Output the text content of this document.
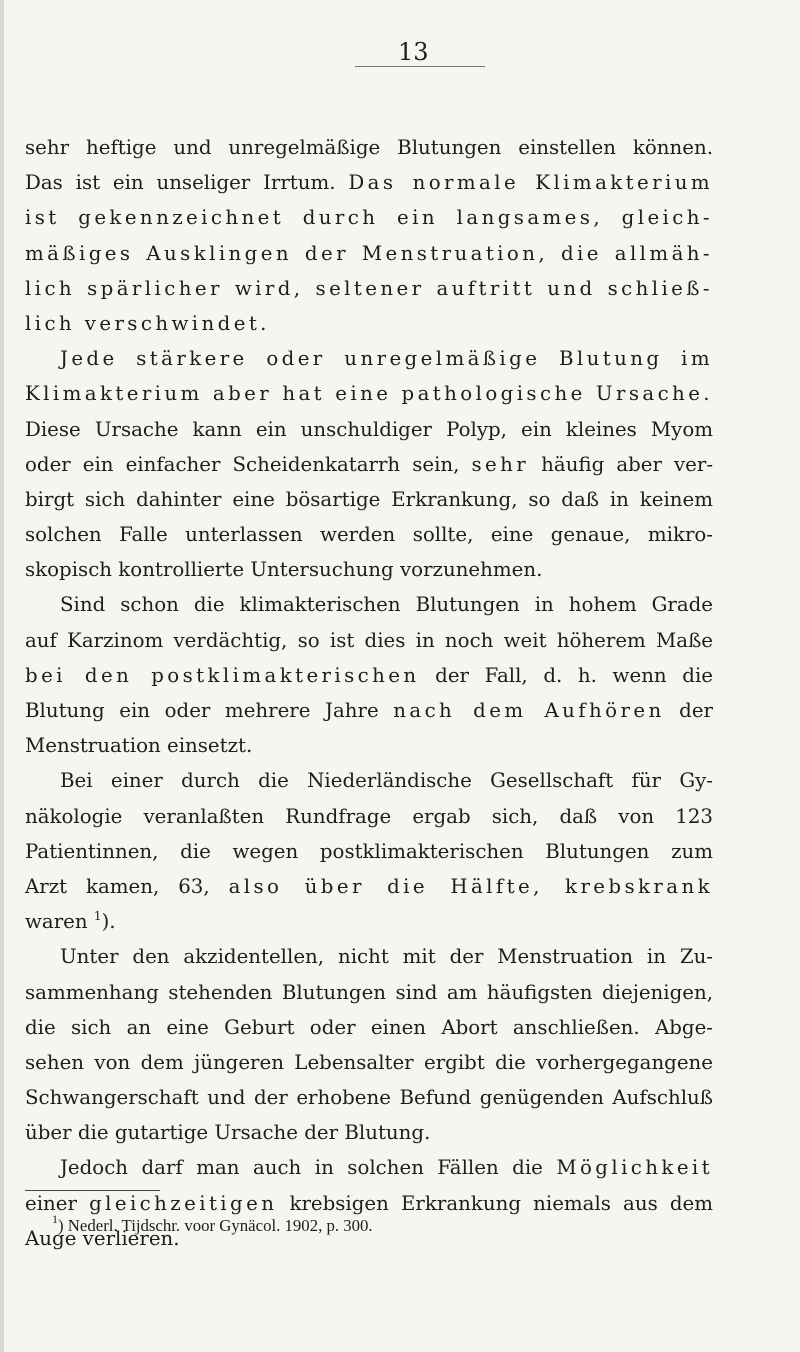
13
sehr heftige und unregelmäßige Blutungen einstellen können.
Das ist ein unseliger Irrtum. Das normale Klimakterium
ist gekennzeichnet durch ein langsames, gleich-
mäßiges Ausklingen der Menstruation, die allmäh-
lich spärlicher wird, seltener auftritt und schließ-
lich verschwindet.
Jede stärkere oder unregelmäßige Blutung im
Klimakterium aber hat eine pathologische Ursache.
Diese Ursache kann ein unschuldiger Polyp, ein kleines Myom
oder ein einfacher Scheidenkatarrh sein, sehr häufig aber ver-
birgt sich dahinter eine bösartige Erkrankung, so daß in keinem
solchen Falle unterlassen werden sollte, eine genaue, mikro-
skopisch kontrollierte Untersuchung vorzunehmen.
Sind schon die klimakterischen Blutungen in hohem Grade
auf Karzinom verdächtig, so ist dies in noch weit höherem Maße
bei den postklimakterischen der Fall, d. h. wenn die
Blutung ein oder mehrere Jahre nach dem Aufhören der
Menstruation einsetzt.
Bei einer durch die Niederländische Gesellschaft für Gy-
näkologie veranlaßten Rundfrage ergab sich, daß von 123
Patientinnen, die wegen postklimakterischen Blutungen zum
Arzt kamen, 63, also über die Hälfte, krebskrank
waren $^1$).
Unter den akzidentellen, nicht mit der Menstruation in Zu-
sammenhang stehenden Blutungen sind am häufigsten diejenigen,
die sich an eine Geburt oder einen Abort anschließen. Abge-
sehen von dem jüngeren Lebensalter ergibt die vorhergegangene
Schwangerschaft und der erhobene Befund genügenden Aufschluß
über die gutartige Ursache der Blutung.
Jedoch darf man auch in solchen Fällen die Möglichkeit
einer gleichzeitigen krebsigen Erkrankung niemals aus dem
Auge verlieren.
$^1$) Nederl. Tijdschr. voor Gynäcol. 1902, p. 300.
